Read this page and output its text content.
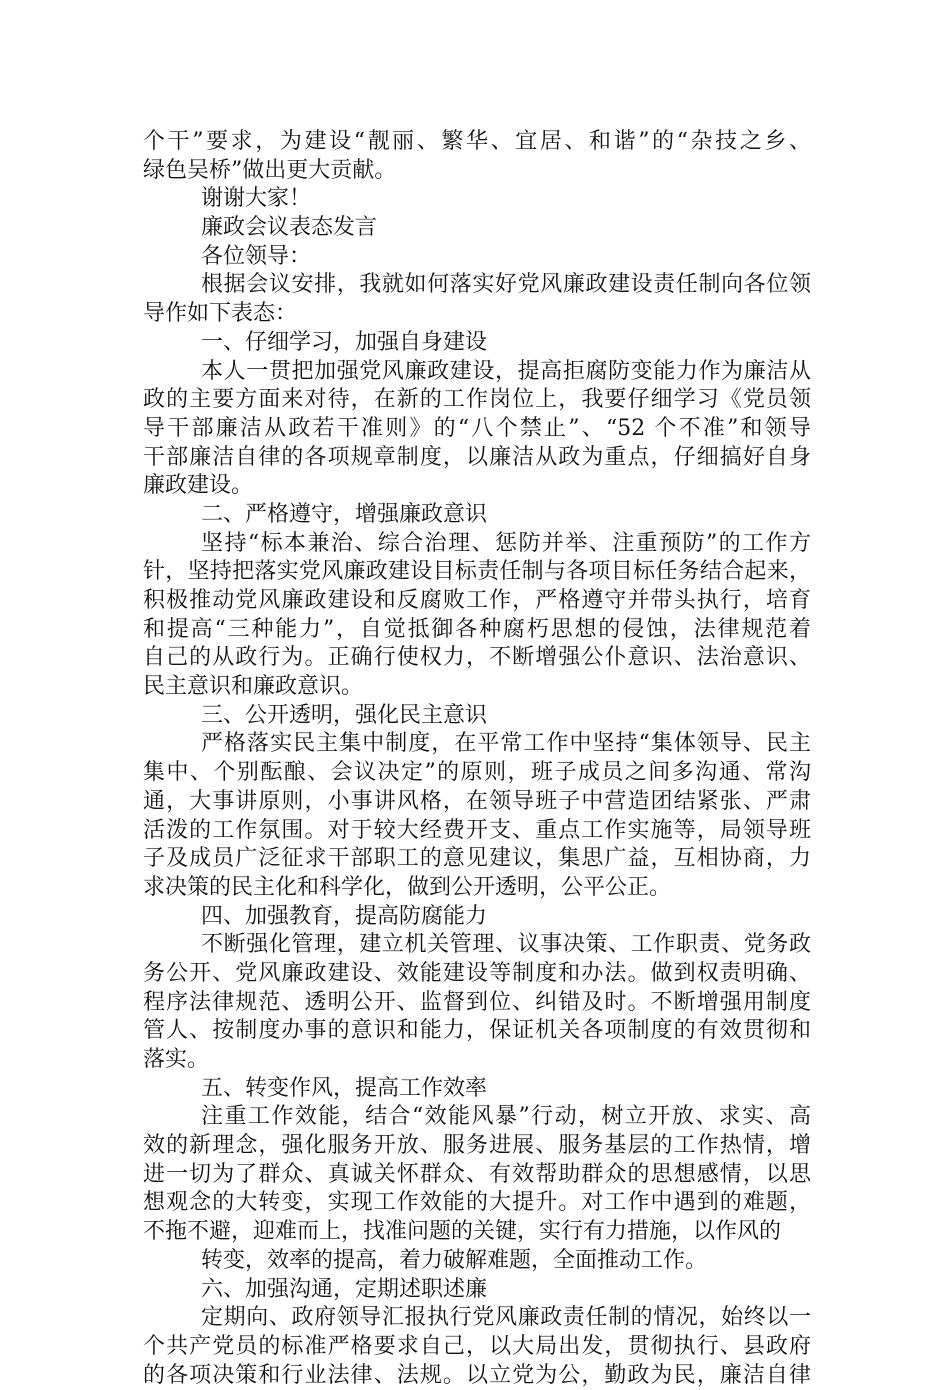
个干”要求，为建设“靓丽、繁华、宜居、和谐”的“杂技之乡、
绿色吴桥”做出更大贡献。
谢谢大家！
廉政会议表态发言
各位领导：
根据会议安排，我就如何落实好党风廉政建设责任制向各位领
导作如下表态：
一、仔细学习，加强自身建设
本人一贯把加强党风廉政建设，提高拒腐防变能力作为廉洁从
政的主要方面来对待，在新的工作岗位上，我要仔细学习《党员领
导干部廉洁从政若干准则》的“八个禁止”、“52 个不准”和领导
干部廉洁自律的各项规章制度，以廉洁从政为重点，仔细搞好自身
廉政建设。
二、严格遵守，增强廉政意识
坚持“标本兼治、综合治理、惩防并举、注重预防”的工作方
针，坚持把落实党风廉政建设目标责任制与各项目标任务结合起来，
积极推动党风廉政建设和反腐败工作，严格遵守并带头执行，培育
和提高“三种能力”，自觉抵御各种腐朽思想的侵蚀，法律规范着
自己的从政行为。正确行使权力，不断增强公仆意识、法治意识、
民主意识和廉政意识。
三、公开透明，强化民主意识
严格落实民主集中制度，在平常工作中坚持“集体领导、民主
集中、个别酝酿、会议决定”的原则，班子成员之间多沟通、常沟
通，大事讲原则，小事讲风格，在领导班子中营造团结紧张、严肃
活泼的工作氛围。对于较大经费开支、重点工作实施等，局领导班
子及成员广泛征求干部职工的意见建议，集思广益，互相协商，力
求决策的民主化和科学化，做到公开透明，公平公正。
四、加强教育，提高防腐能力
不断强化管理，建立机关管理、议事决策、工作职责、党务政
务公开、党风廉政建设、效能建设等制度和办法。做到权责明确、
程序法律规范、透明公开、监督到位、纠错及时。不断增强用制度
管人、按制度办事的意识和能力，保证机关各项制度的有效贯彻和
落实。
五、转变作风，提高工作效率
注重工作效能，结合“效能风暴”行动，树立开放、求实、高
效的新理念，强化服务开放、服务进展、服务基层的工作热情，增
进一切为了群众、真诚关怀群众、有效帮助群众的思想感情，以思
想观念的大转变，实现工作效能的大提升。对工作中遇到的难题，
不拖不避，迎难而上，找准问题的关键，实行有力措施，以作风的
转变，效率的提高，着力破解难题，全面推动工作。
六、加强沟通，定期述职述廉
定期向、政府领导汇报执行党风廉政责任制的情况，始终以一
个共产党员的标准严格要求自己，以大局出发，贯彻执行、县政府
的各项决策和行业法律、法规。以立党为公，勤政为民，廉洁自律
